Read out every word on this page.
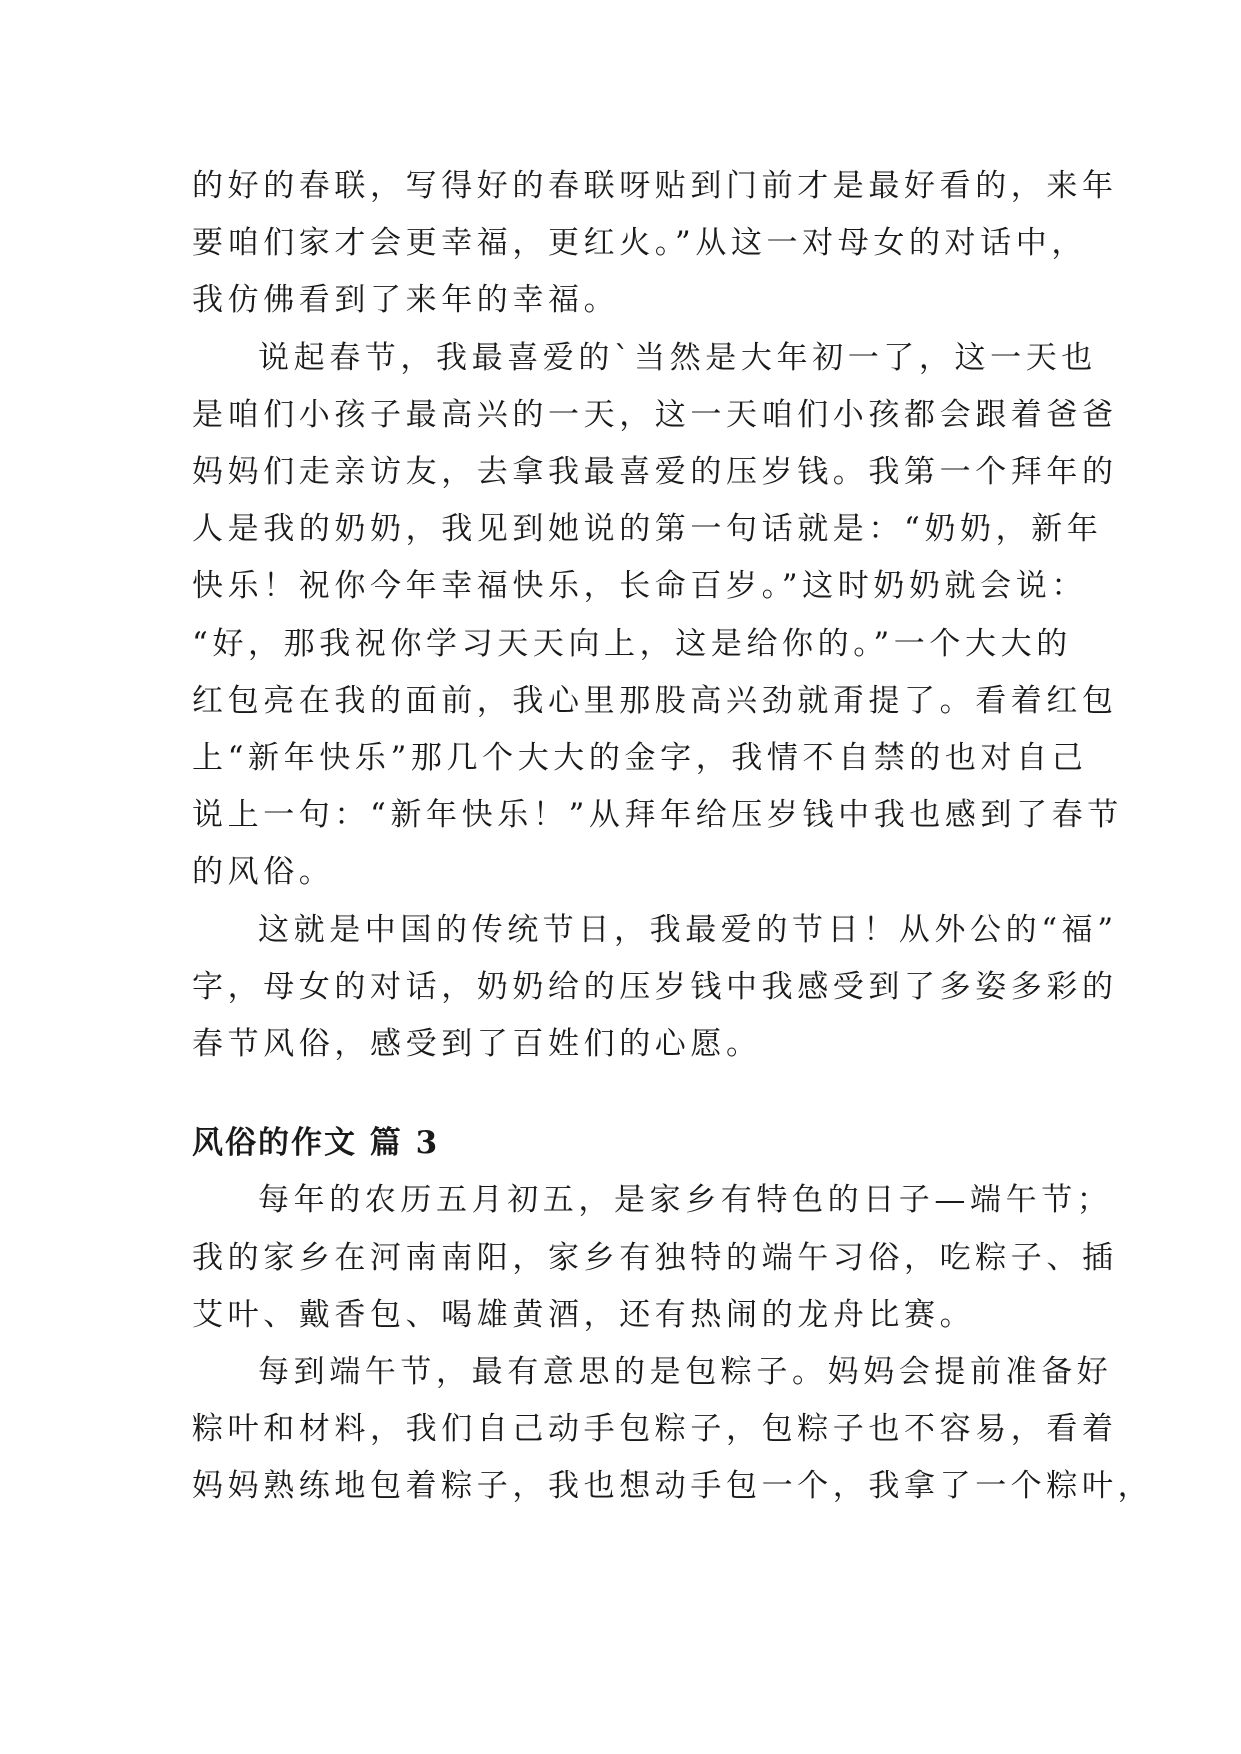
的好的春联，写得好的春联呀贴到门前才是最好看的，来年

要咱们家才会更幸福，更红火。”从这一对母女的对话中，

我仿佛看到了来年的幸福。

说起春节，我最喜爱的`当然是大年初一了，这一天也

是咱们小孩子最高兴的一天，这一天咱们小孩都会跟着爸爸

妈妈们走亲访友，去拿我最喜爱的压岁钱。我第一个拜年的

人是我的奶奶，我见到她说的第一句话就是：“奶奶，新年

快乐！祝你今年幸福快乐，长命百岁。”这时奶奶就会说：

“好，那我祝你学习天天向上，这是给你的。”一个大大的

红包亮在我的面前，我心里那股高兴劲就甭提了。看着红包

上“新年快乐”那几个大大的金字，我情不自禁的也对自己

说上一句：“新年快乐！”从拜年给压岁钱中我也感到了春节

的风俗。

这就是中国的传统节日，我最爱的节日！从外公的“福”

字，母女的对话，奶奶给的压岁钱中我感受到了多姿多彩的

春节风俗，感受到了百姓们的心愿。

风俗的作文 篇 3

每年的农历五月初五，是家乡有特色的日子—端午节；

我的家乡在河南南阳，家乡有独特的端午习俗，吃粽子、插

艾叶、戴香包、喝雄黄酒，还有热闹的龙舟比赛。

每到端午节，最有意思的是包粽子。妈妈会提前准备好

粽叶和材料，我们自己动手包粽子，包粽子也不容易，看着

妈妈熟练地包着粽子，我也想动手包一个，我拿了一个粽叶，
